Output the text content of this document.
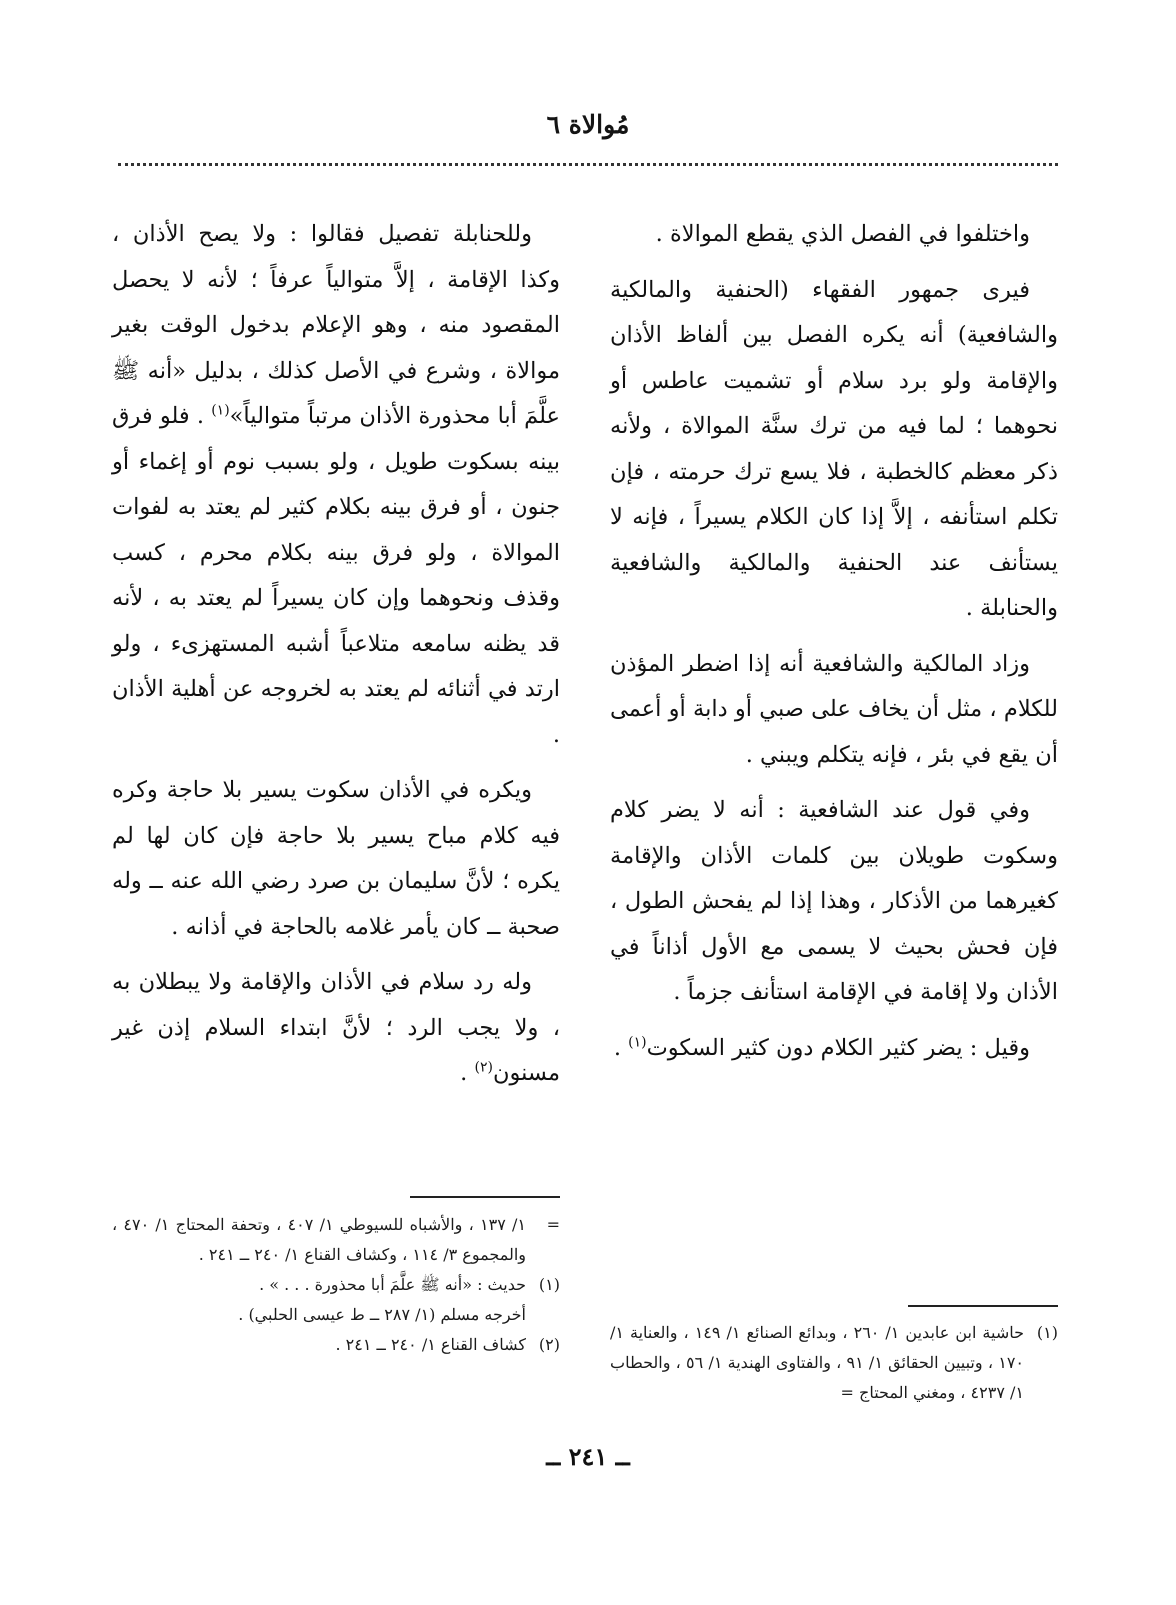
مُوالاة ٦

واختلفوا في الفصل الذي يقطع الموالاة .

فيرى جمهور الفقهاء (الحنفية والمالكية والشافعية) أنه يكره الفصل بين ألفاظ الأذان والإقامة ولو برد سلام أو تشميت عاطس أو نحوهما ؛ لما فيه من ترك سنَّة الموالاة ، ولأنه ذكر معظم كالخطبة ، فلا يسع ترك حرمته ، فإن تكلم استأنفه ، إلاَّ إذا كان الكلام يسيراً ، فإنه لا يستأنف عند الحنفية والمالكية والشافعية والحنابلة .

وزاد المالكية والشافعية أنه إذا اضطر المؤذن للكلام ، مثل أن يخاف على صبي أو دابة أو أعمى أن يقع في بئر ، فإنه يتكلم ويبني .

وفي قول عند الشافعية : أنه لا يضر كلام وسكوت طويلان بين كلمات الأذان والإقامة كغيرهما من الأذكار ، وهذا إذا لم يفحش الطول ، فإن فحش بحيث لا يسمى مع الأول أذاناً في الأذان ولا إقامة في الإقامة استأنف جزماً .

وقيل : يضر كثير الكلام دون كثير السكوت$^{(١)}$ .

وللحنابلة تفصيل فقالوا : ولا يصح الأذان ، وكذا الإقامة ، إلاَّ متوالياً عرفاً ؛ لأنه لا يحصل المقصود منه ، وهو الإعلام بدخول الوقت بغير موالاة ، وشرع في الأصل كذلك ، بدليل «أنه ﷺ علَّمَ أبا محذورة الأذان مرتباً متوالياً»$^{(١)}$ . فلو فرق بينه بسكوت طويل ، ولو بسبب نوم أو إغماء أو جنون ، أو فرق بينه بكلام كثير لم يعتد به لفوات الموالاة ، ولو فرق بينه بكلام محرم ، كسب وقذف ونحوهما وإن كان يسيراً لم يعتد به ، لأنه قد يظنه سامعه متلاعباً أشبه المستهزىء ، ولو ارتد في أثنائه لم يعتد به لخروجه عن أهلية الأذان .

ويكره في الأذان سكوت يسير بلا حاجة وكره فيه كلام مباح يسير بلا حاجة فإن كان لها لم يكره ؛ لأنَّ سليمان بن صرد رضي الله عنه ــ وله صحبة ــ كان يأمر غلامه بالحاجة في أذانه .

وله رد سلام في الأذان والإقامة ولا يبطلان به ، ولا يجب الرد ؛ لأنَّ ابتداء السلام إذن غير مسنون$^{(٢)}$ .

(١)
حاشية ابن عابدين ١/ ٢٦٠ ، وبدائع الصنائع ١/ ١٤٩ ، والعناية ١/ ١٧٠ ، وتبيين الحقائق ١/ ٩١ ، والفتاوى الهندية ١/ ٥٦ ، والحطاب ١/ ٤٢٣٧ ، ومغني المحتاج =

=
١/ ١٣٧ ، والأشباه للسيوطي ١/ ٤٠٧ ، وتحفة المحتاج ١/ ٤٧٠ ، والمجموع ٣/ ١١٤ ، وكشاف القناع ١/ ٢٤٠ ــ ٢٤١ .

(١)
حديث : «أنه ﷺ علَّمَ أبا محذورة . . . » .

أخرجه مسلم (١/ ٢٨٧ ــ ط عيسى الحلبي) .

(٢)
كشاف القناع ١/ ٢٤٠ ــ ٢٤١ .

ــ ٢٤١ ــ
